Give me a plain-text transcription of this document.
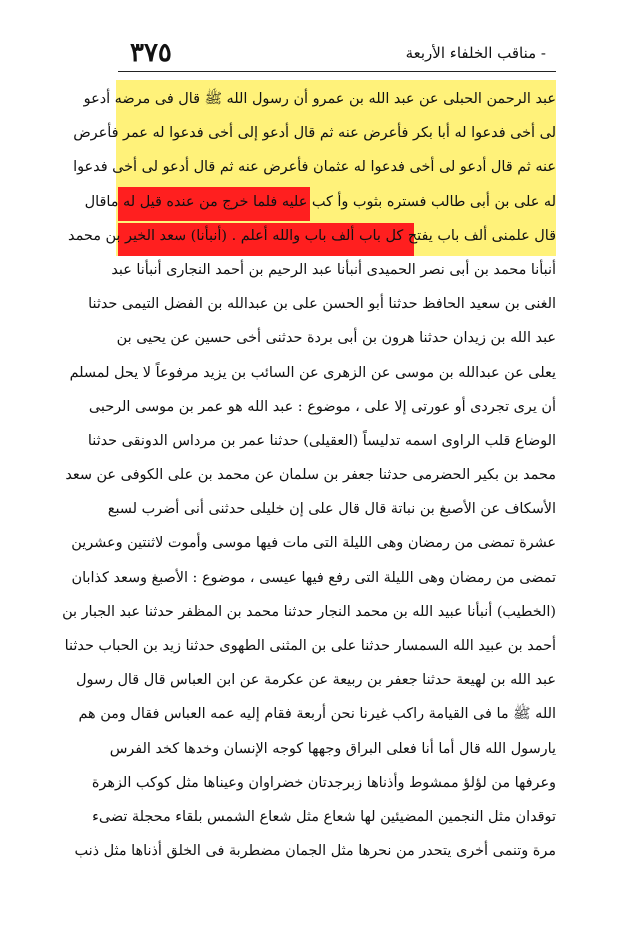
٣٧٥	- مناقب الخلفاء الأربعة
عبد الرحمن الحبلى عن عبد الله بن عمرو أن رسول الله ﷺ قال فى مرضه أدعو
لى أخى فدعوا له أبا بكر فأعرض عنه ثم قال أدعو إلى أخى فدعوا له عمر فأعرض
عنه ثم قال أدعو لى أخى فدعوا له عثمان فأعرض عنه ثم قال أدعو لى أخى فدعوا
له على بن أبى طالب فستره بثوب وأ كب عليه فلما خرج من عنده قيل له ماقال
قال علمنى ألف باب يفتح كل باب ألف باب والله أعلم . (أنبأنا) سعد الخير بن محمد
أنبأنا محمد بن أبى نصر الحميدى أنبأنا عبد الرحيم بن أحمد النجارى أنبأنا عبد
الغنى بن سعيد الحافظ حدثنا أبو الحسن على بن عبدالله بن الفضل التيمى حدثنا
عبد الله بن زيدان حدثنا هرون بن أبى بردة حدثنى أخى حسين عن يحيى بن
يعلى عن عبدالله بن موسى عن الزهرى عن السائب بن يزيد مرفوعاً لا يحل لمسلم
أن يرى تجردى أو عورتى إلا على ، موضوع : عبد الله هو عمر بن موسى الرحبى
الوضاع قلب الراوى اسمه تدليساً (العقيلى) حدثنا عمر بن مرداس الدونقى حدثنا
محمد بن بكير الحضرمى حدثنا جعفر بن سلمان عن محمد بن على الكوفى عن سعد
الأسكاف عن الأصبغ بن نباتة قال قال على إن خليلى حدثنى أنى أضرب لسبع
عشرة تمضى من رمضان وهى الليلة التى مات فيها موسى وأموت لاثنتين وعشرين
تمضى من رمضان وهى الليلة التى رفع فيها عيسى ، موضوع : الأصبغ وسعد كذابان
(الخطيب) أنبأنا عبيد الله بن محمد النجار حدثنا محمد بن المظفر حدثنا عبد الجبار بن
أحمد بن عبيد الله السمسار حدثنا على بن المثنى الطهوى حدثنا زيد بن الحباب حدثنا
عبد الله بن لهيعة حدثنا جعفر بن ربيعة عن عكرمة عن ابن العباس قال قال رسول
الله ﷺ ما فى القيامة راكب غيرنا نحن أربعة فقام إليه عمه العباس فقال ومن هم
يارسول الله قال أما أنا فعلى البراق وجهها كوجه الإنسان وخدها كخد الفرس
وعرفها من لؤلؤ ممشوط وأذناها زبرجدتان خضراوان وعيناها مثل كوكب الزهرة
توقدان مثل النجمين المضيئين لها شعاع مثل شعاع الشمس بلقاء محجلة تضىء
مرة وتنمى أخرى يتحدر من نحرها مثل الجمان مضطربة فى الخلق أذناها مثل ذنب
